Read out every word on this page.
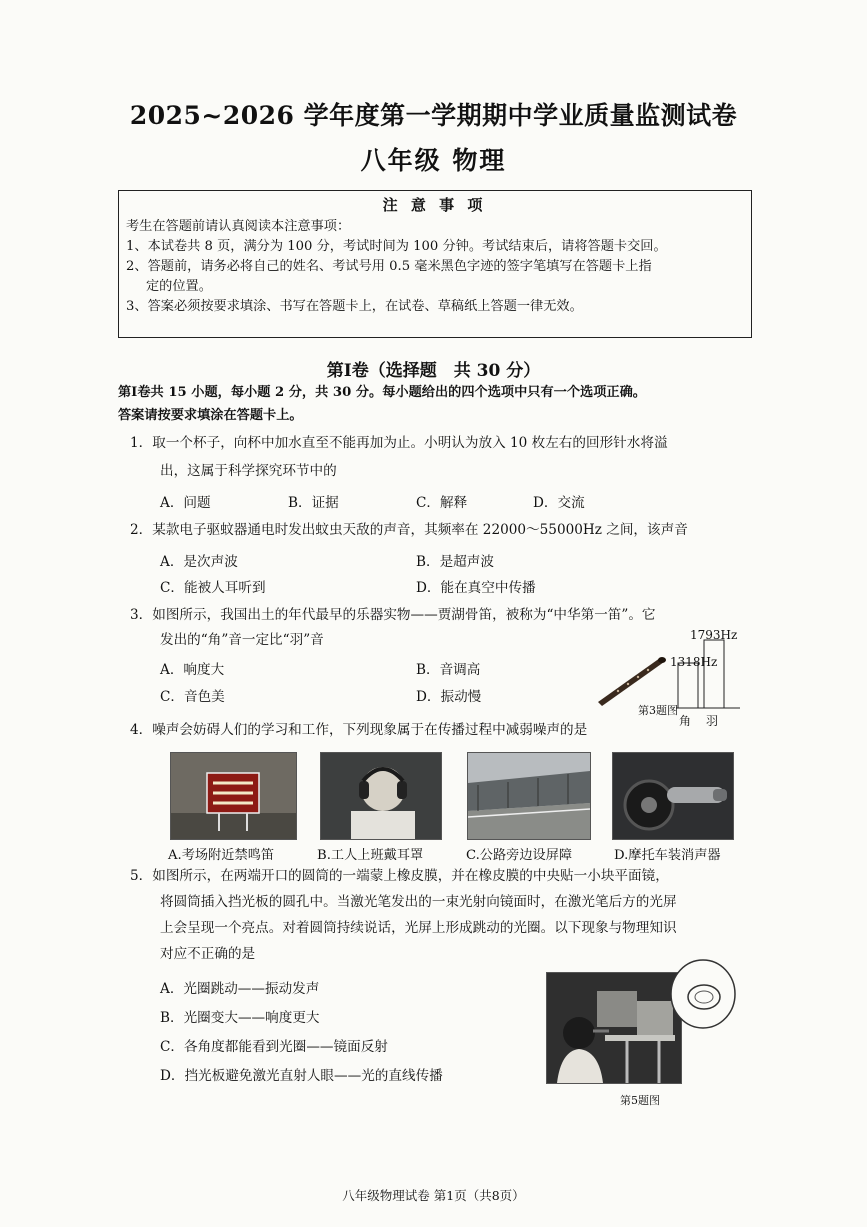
2025~2026 学年度第一学期期中学业质量监测试卷
八年级 物理
注 意 事 项
考生在答题前请认真阅读本注意事项：
1、本试卷共 8 页，满分为 100 分，考试时间为 100 分钟。考试结束后，请将答题卡交回。
2、答题前，请务必将自己的姓名、考试号用 0.5 毫米黑色字迹的签字笔填写在答题卡上指
定的位置。
3、答案必须按要求填涂、书写在答题卡上，在试卷、草稿纸上答题一律无效。
第Ⅰ卷（选择题　共 30 分）
第Ⅰ卷共 15 小题，每小题 2 分，共 30 分。每小题给出的四个选项中只有一个选项正确。
答案请按要求填涂在答题卡上。
1．取一个杯子，向杯中加水直至不能再加为止。小明认为放入 10 枚左右的回形针水将溢
出，这属于科学探究环节中的
A．问题	B．证据	C．解释	D．交流
2．某款电子驱蚊器通电时发出蚊虫天敌的声音，其频率在 22000～55000Hz 之间，该声音
A．是次声波	B．是超声波
C．能被人耳听到	D．能在真空中传播
3．如图所示，我国出土的年代最早的乐器实物——贾湖骨笛，被称为“中华第一笛”。它
发出的“角”音一定比“羽”音
A．响度大	B．音调高
C．音色美	D．振动慢
1793Hz
1318Hz
角 羽
第3题图
4．噪声会妨碍人们的学习和工作，下列现象属于在传播过程中减弱噪声的是
A.考场附近禁鸣笛	B.工人上班戴耳罩	C.公路旁边设屏障	D.摩托车装消声器
5．如图所示，在两端开口的圆筒的一端蒙上橡皮膜，并在橡皮膜的中央贴一小块平面镜，
将圆筒插入挡光板的圆孔中。当激光笔发出的一束光射向镜面时，在激光笔后方的光屏
上会呈现一个亮点。对着圆筒持续说话，光屏上形成跳动的光圈。以下现象与物理知识
对应不正确的是
A．光圈跳动——振动发声
B．光圈变大——响度更大
C．各角度都能看到光圈——镜面反射
D．挡光板避免激光直射人眼——光的直线传播
第5题图
八年级物理试卷 第1页（共8页）
